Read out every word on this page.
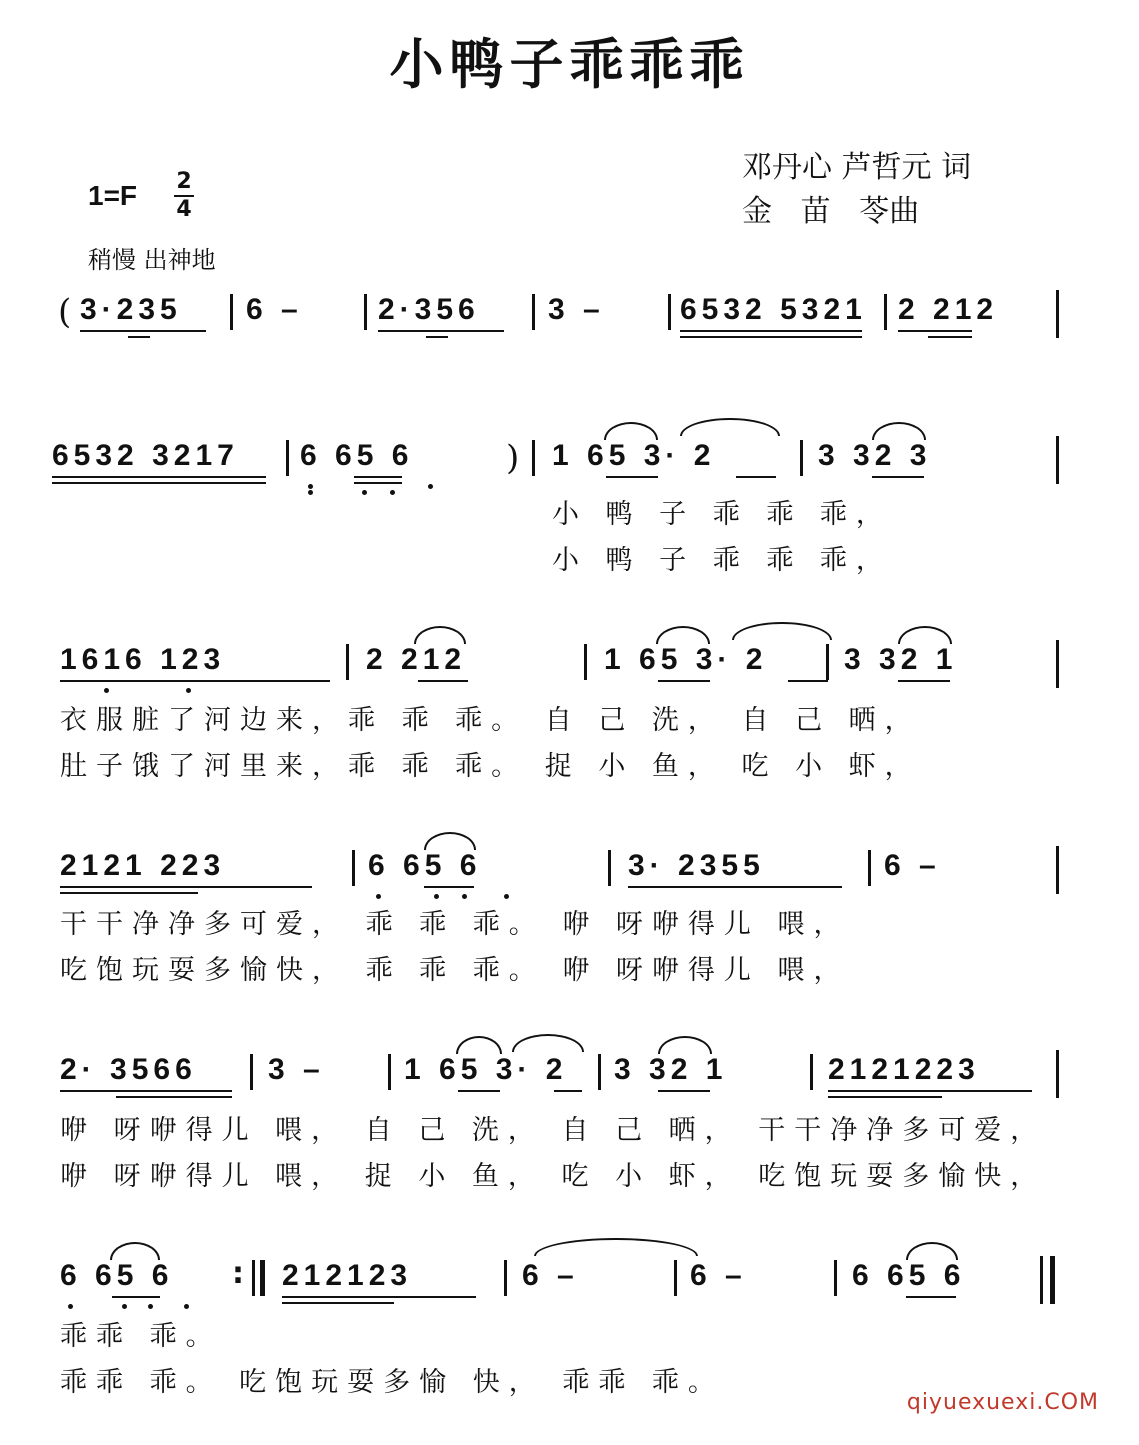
小鸭子乖乖乖
邓丹心 芦哲元 词
金   苗   苓曲
1=F 2
4
稍慢 出神地
( 3·235 6 –	2·356 3 –	6532 5321 2 212
6532 3217 6 65 6	) 1 65 3· 2	3 32 3
小 鸭 子 乖 乖 乖，
小 鸭 子 乖 乖 乖，
1616 123	2 212	1 65 3· 2	3 32 1
衣服脏了河边来，乖 乖 乖。 自 己 洗， 自 己 晒，
肚子饿了河里来，乖 乖 乖。 捉 小 鱼， 吃 小 虾，
2121 223	6 65 6	3· 2355	6 –
干干净净多可爱， 乖 乖 乖。 咿 呀咿得儿 喂，
吃饱玩耍多愉快， 乖 乖 乖。 咿 呀咿得儿 喂，
2· 3566 3 –	1 65 3· 2 3 32 1	2121223
咿 呀咿得儿 喂， 自 己 洗， 自 己 晒， 干干净净多可爱，
咿 呀咿得儿 喂， 捉 小 鱼， 吃 小 虾， 吃饱玩耍多愉快，
6 65 6 : 212123	6 –	6 –	6 65 6
乖乖 乖。
乖乖 乖。 吃饱玩耍多愉 快， 乖乖 乖。
qiyuexuexi.COM
